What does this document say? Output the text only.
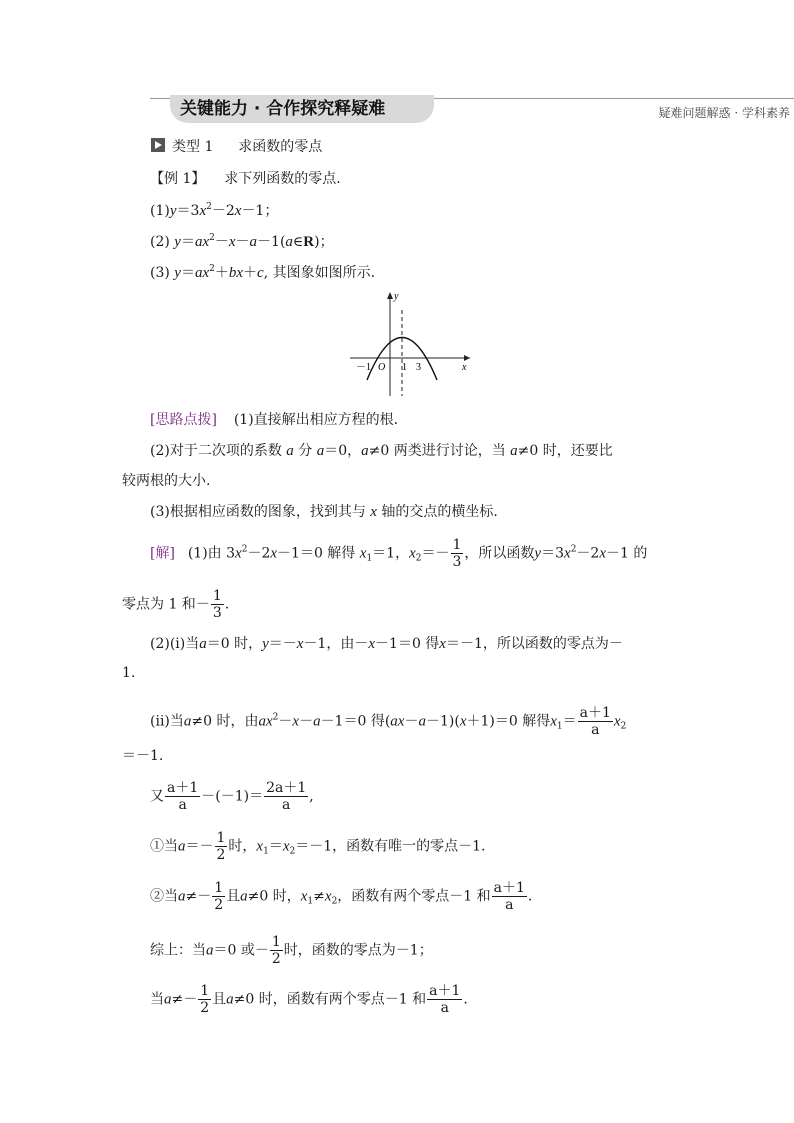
关键能力 · 合作探究释疑难	疑难问题解惑 · 学科素养
类型 1 求函数的零点
【例 1】 求下列函数的零点.
$(1)y=3x^2-2x-1$；
(2) $y=ax^2-x-a-1(a\in R)$；
(3) $y=ax^2+bx+c$, 其图象如图所示.
y
x
－1 O 1 3
[思路点拨] (1)直接解出相应方程的根.
(2)对于二次项的系数 a 分 a＝0，a≠0 两类进行讨论，当 a≠0 时，还要比
较两根的大小.
(3)根据相应函数的图象，找到其与 x 轴的交点的横坐标.
[解] (1)由 $3x^2-2x-1=0$ 解得 $x_1=1$，$x_2=- \frac{1}{3}$ ，所以函数$y=3x^2-2x-1$ 的
零点为 1 和－ $\frac{1}{3}$ .
(2)(ⅰ)当a＝0 时，y＝－x－1，由－x－1＝0 得x＝－1，所以函数的零点为－
1.
(ⅱ)当a≠0 时，由$ax^2-x-a-1=0$ 得(ax－a－1)(x＋1)＝0 解得$x_1= \frac{a+1}{a} x_2$
＝－1.
又 $\frac{a+1}{a} -(-1)= \frac{2a+1}{a}$ ,
①当$a=- \frac{1}{2}$ 时，$x_1=x_2=-1$，函数有唯一的零点－1.
②当$a\ne- \frac{1}{2}$ 且a≠0 时，$x_1\ne x_2$，函数有两个零点－1 和 $\frac{a+1}{a}$ .
综上：当a＝0 或－ $\frac{1}{2}$ 时，函数的零点为－1；
当$a\ne- \frac{1}{2}$ 且a≠0 时，函数有两个零点－1 和 $\frac{a+1}{a}$ .
